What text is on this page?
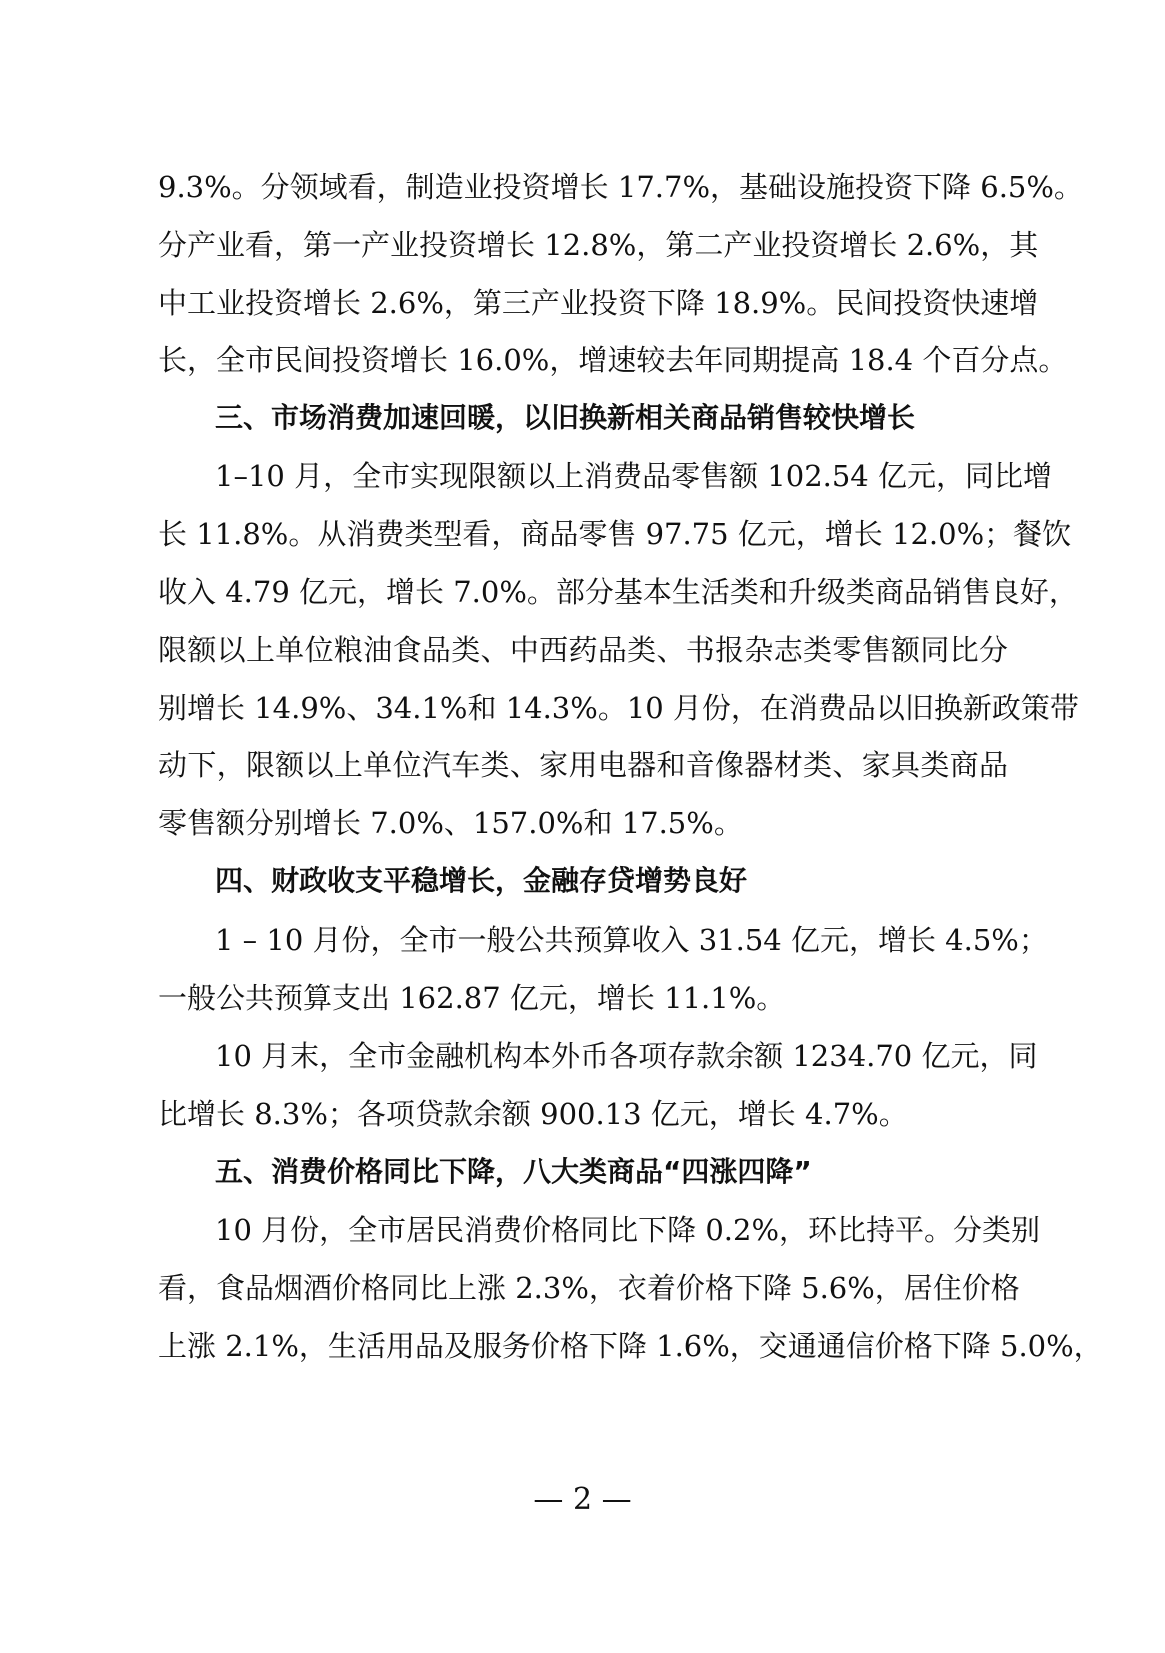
9.3%。分领域看，制造业投资增长 17.7%，基础设施投资下降 6.5%。
分产业看，第一产业投资增长 12.8%，第二产业投资增长 2.6%，其
中工业投资增长 2.6%，第三产业投资下降 18.9%。民间投资快速增
长，全市民间投资增长 16.0%，增速较去年同期提高 18.4 个百分点。
三、市场消费加速回暖，以旧换新相关商品销售较快增长
1–10 月，全市实现限额以上消费品零售额 102.54 亿元，同比增
长 11.8%。从消费类型看，商品零售 97.75 亿元，增长 12.0%；餐饮
收入 4.79 亿元，增长 7.0%。部分基本生活类和升级类商品销售良好，
限额以上单位粮油食品类、中西药品类、书报杂志类零售额同比分
别增长 14.9%、34.1%和 14.3%。10 月份，在消费品以旧换新政策带
动下，限额以上单位汽车类、家用电器和音像器材类、家具类商品
零售额分别增长 7.0%、157.0%和 17.5%。
四、财政收支平稳增长，金融存贷增势良好
1 – 10 月份，全市一般公共预算收入 31.54 亿元，增长 4.5%；
一般公共预算支出 162.87 亿元，增长 11.1%。
10 月末，全市金融机构本外币各项存款余额 1234.70 亿元，同
比增长 8.3%；各项贷款余额 900.13 亿元，增长 4.7%。
五、消费价格同比下降，八大类商品“四涨四降”
10 月份，全市居民消费价格同比下降 0.2%，环比持平。分类别
看，食品烟酒价格同比上涨 2.3%，衣着价格下降 5.6%，居住价格
上涨 2.1%，生活用品及服务价格下降 1.6%，交通通信价格下降 5.0%，
— 2 —
